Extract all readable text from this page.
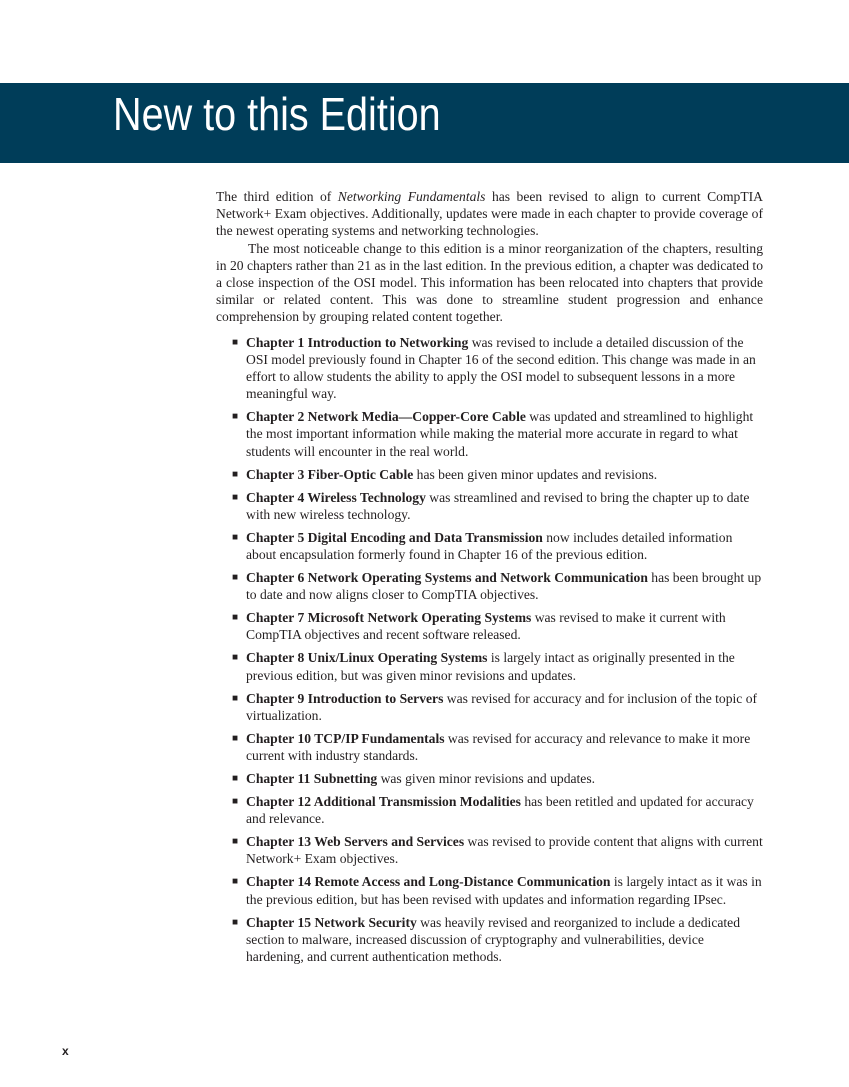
New to this Edition

The third edition of Networking Fundamentals has been revised to align to current CompTIA Network+ Exam objectives. Additionally, updates were made in each chapter to provide coverage of the newest operating systems and networking technologies.

The most noticeable change to this edition is a minor reorganization of the chapters, resulting in 20 chapters rather than 21 as in the last edition. In the previous edition, a chapter was dedicated to a close inspection of the OSI model. This information has been relocated into chapters that provide similar or related content. This was done to streamline student progression and enhance comprehension by grouping related content together.

■ Chapter 1 Introduction to Networking was revised to include a detailed discussion of the OSI model previously found in Chapter 16 of the second edition. This change was made in an effort to allow students the ability to apply the OSI model to subsequent lessons in a more meaningful way.
■ Chapter 2 Network Media—Copper-Core Cable was updated and streamlined to highlight the most important information while making the material more accurate in regard to what students will encounter in the real world.
■ Chapter 3 Fiber-Optic Cable has been given minor updates and revisions.
■ Chapter 4 Wireless Technology was streamlined and revised to bring the chapter up to date with new wireless technology.
■ Chapter 5 Digital Encoding and Data Transmission now includes detailed information about encapsulation formerly found in Chapter 16 of the previous edition.
■ Chapter 6 Network Operating Systems and Network Communication has been brought up to date and now aligns closer to CompTIA objectives.
■ Chapter 7 Microsoft Network Operating Systems was revised to make it current with CompTIA objectives and recent software released.
■ Chapter 8 Unix/Linux Operating Systems is largely intact as originally presented in the previous edition, but was given minor revisions and updates.
■ Chapter 9 Introduction to Servers was revised for accuracy and for inclusion of the topic of virtualization.
■ Chapter 10 TCP/IP Fundamentals was revised for accuracy and relevance to make it more current with industry standards.
■ Chapter 11 Subnetting was given minor revisions and updates.
■ Chapter 12 Additional Transmission Modalities has been retitled and updated for accuracy and relevance.
■ Chapter 13 Web Servers and Services was revised to provide content that aligns with current Network+ Exam objectives.
■ Chapter 14 Remote Access and Long-Distance Communication is largely intact as it was in the previous edition, but has been revised with updates and information regarding IPsec.
■ Chapter 15 Network Security was heavily revised and reorganized to include a dedicated section to malware, increased discussion of cryptography and vulnerabilities, device hardening, and current authentication methods.
x
